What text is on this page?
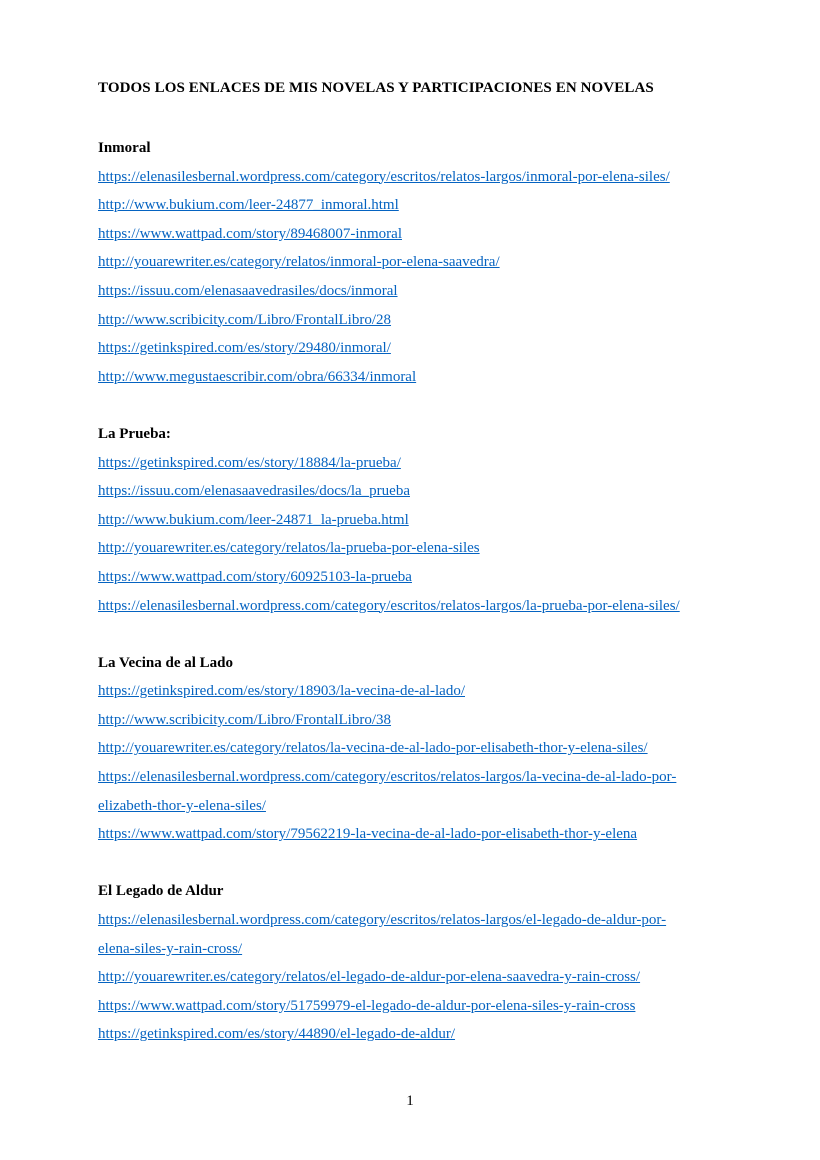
TODOS LOS ENLACES DE MIS NOVELAS Y PARTICIPACIONES EN NOVELAS
Inmoral
https://elenasilesbernal.wordpress.com/category/escritos/relatos-largos/inmoral-por-elena-siles/
http://www.bukium.com/leer-24877_inmoral.html
https://www.wattpad.com/story/89468007-inmoral
http://youarewriter.es/category/relatos/inmoral-por-elena-saavedra/
https://issuu.com/elenasaavedrasiles/docs/inmoral
http://www.scribicity.com/Libro/FrontalLibro/28
https://getinkspired.com/es/story/29480/inmoral/
http://www.megustaescribir.com/obra/66334/inmoral
La Prueba:
https://getinkspired.com/es/story/18884/la-prueba/
https://issuu.com/elenasaavedrasiles/docs/la_prueba
http://www.bukium.com/leer-24871_la-prueba.html
http://youarewriter.es/category/relatos/la-prueba-por-elena-siles
https://www.wattpad.com/story/60925103-la-prueba
https://elenasilesbernal.wordpress.com/category/escritos/relatos-largos/la-prueba-por-elena-siles/
La Vecina de al Lado
https://getinkspired.com/es/story/18903/la-vecina-de-al-lado/
http://www.scribicity.com/Libro/FrontalLibro/38
http://youarewriter.es/category/relatos/la-vecina-de-al-lado-por-elisabeth-thor-y-elena-siles/
https://elenasilesbernal.wordpress.com/category/escritos/relatos-largos/la-vecina-de-al-lado-por-
elizabeth-thor-y-elena-siles/
https://www.wattpad.com/story/79562219-la-vecina-de-al-lado-por-elisabeth-thor-y-elena
El Legado de Aldur
https://elenasilesbernal.wordpress.com/category/escritos/relatos-largos/el-legado-de-aldur-por-
elena-siles-y-rain-cross/
http://youarewriter.es/category/relatos/el-legado-de-aldur-por-elena-saavedra-y-rain-cross/
https://www.wattpad.com/story/51759979-el-legado-de-aldur-por-elena-siles-y-rain-cross
https://getinkspired.com/es/story/44890/el-legado-de-aldur/
1
